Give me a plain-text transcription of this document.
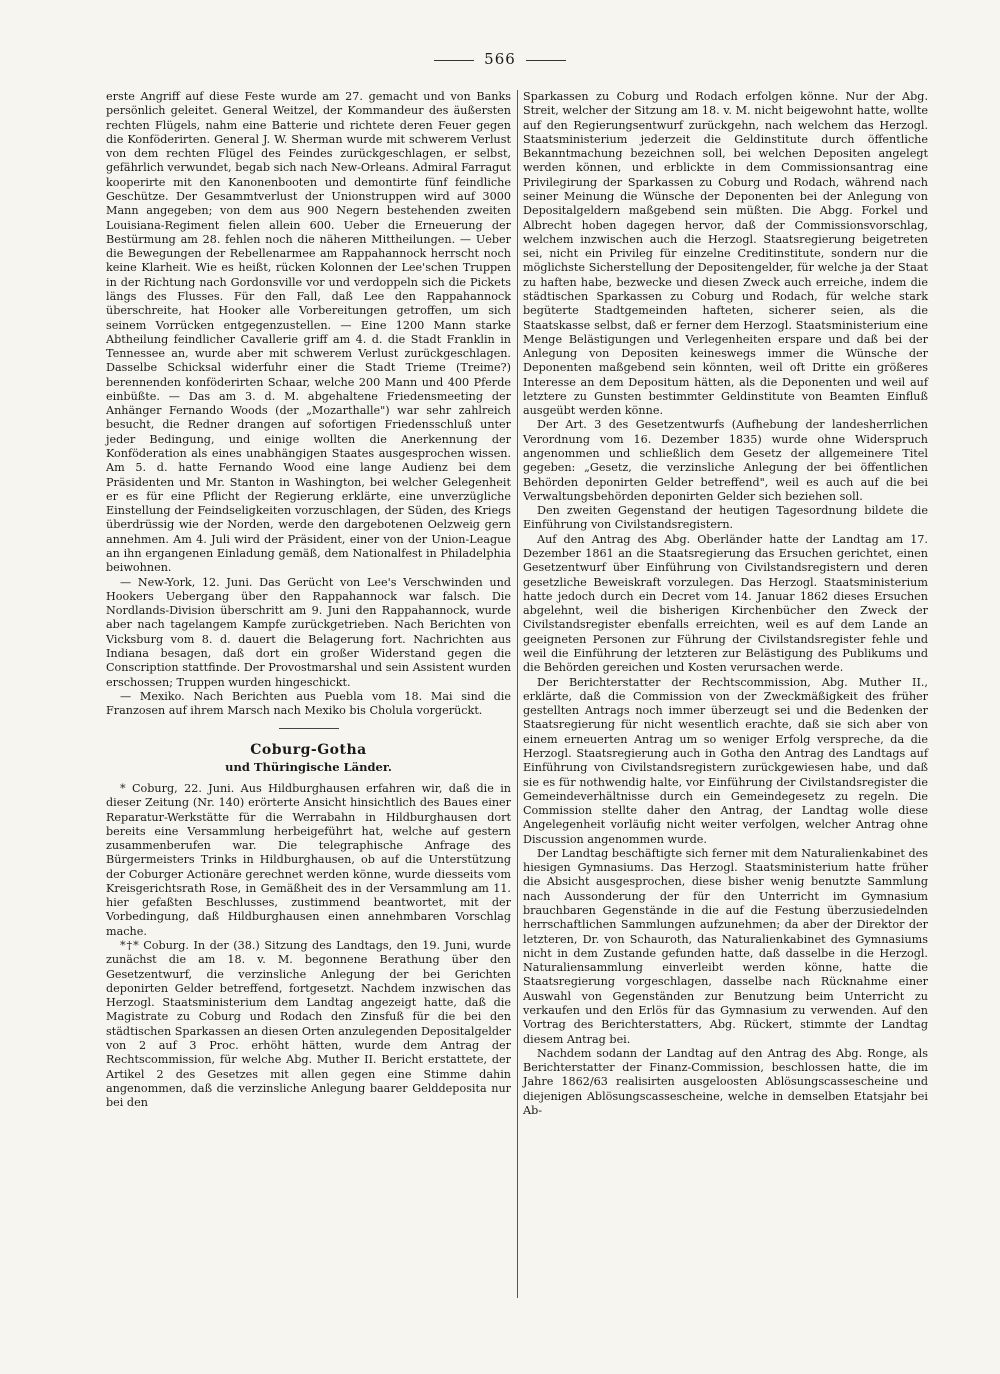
566

erste Angriff auf diese Feste wurde am 27. gemacht und von Banks persönlich geleitet. General Weitzel, der Kommandeur des äußersten rechten Flügels, nahm eine Batterie und richtete deren Feuer gegen die Konföderirten. General J. W. Sherman wurde mit schwerem Verlust von dem rechten Flügel des Feindes zurückgeschlagen, er selbst, gefährlich verwundet, begab sich nach New-Orleans. Admiral Farragut kooperirte mit den Kanonenbooten und demontirte fünf feindliche Geschütze. Der Gesammtverlust der Unionstruppen wird auf 3000 Mann angegeben; von dem aus 900 Negern bestehenden zweiten Louisiana-Regiment fielen allein 600. Ueber die Erneuerung der Bestürmung am 28. fehlen noch die näheren Mittheilungen. — Ueber die Bewegungen der Rebellenarmee am Rappahannock herrscht noch keine Klarheit. Wie es heißt, rücken Kolonnen der Lee'schen Truppen in der Richtung nach Gordonsville vor und verdoppeln sich die Pickets längs des Flusses. Für den Fall, daß Lee den Rappahannock überschreite, hat Hooker alle Vorbereitungen getroffen, um sich seinem Vorrücken entgegenzustellen. — Eine 1200 Mann starke Abtheilung feindlicher Cavallerie griff am 4. d. die Stadt Franklin in Tennessee an, wurde aber mit schwerem Verlust zurückgeschlagen. Dasselbe Schicksal widerfuhr einer die Stadt Trieme (Treime?) berennenden konföderirten Schaar, welche 200 Mann und 400 Pferde einbüßte. — Das am 3. d. M. abgehaltene Friedensmeeting der Anhänger Fernando Woods (der „Mozarthalle") war sehr zahlreich besucht, die Redner drangen auf sofortigen Friedensschluß unter jeder Bedingung, und einige wollten die Anerkennung der Konföderation als eines unabhängigen Staates ausgesprochen wissen. Am 5. d. hatte Fernando Wood eine lange Audienz bei dem Präsidenten und Mr. Stanton in Washington, bei welcher Gelegenheit er es für eine Pflicht der Regierung erklärte, eine unverzügliche Einstellung der Feindseligkeiten vorzuschlagen, der Süden, des Kriegs überdrüssig wie der Norden, werde den dargebotenen Oelzweig gern annehmen. Am 4. Juli wird der Präsident, einer von der Union-League an ihn ergangenen Einladung gemäß, dem Nationalfest in Philadelphia beiwohnen.

— New-York, 12. Juni. Das Gerücht von Lee's Verschwinden und Hookers Uebergang über den Rappahannock war falsch. Die Nordlands-Division überschritt am 9. Juni den Rappahannock, wurde aber nach tagelangem Kampfe zurückgetrieben. Nach Berichten von Vicksburg vom 8. d. dauert die Belagerung fort. Nachrichten aus Indiana besagen, daß dort ein großer Widerstand gegen die Conscription stattfinde. Der Provostmarshal und sein Assistent wurden erschossen; Truppen wurden hingeschickt.

— Mexiko. Nach Berichten aus Puebla vom 18. Mai sind die Franzosen auf ihrem Marsch nach Mexiko bis Cholula vorgerückt.

Coburg-Gotha
und Thüringische Länder.

* Coburg, 22. Juni. Aus Hildburghausen erfahren wir, daß die in dieser Zeitung (Nr. 140) erörterte Ansicht hinsichtlich des Baues einer Reparatur-Werkstätte für die Werrabahn in Hildburghausen dort bereits eine Versammlung herbeigeführt hat, welche auf gestern zusammenberufen war. Die telegraphische Anfrage des Bürgermeisters Trinks in Hildburghausen, ob auf die Unterstützung der Coburger Actionäre gerechnet werden könne, wurde diesseits vom Kreisgerichtsrath Rose, in Gemäßheit des in der Versammlung am 11. hier gefaßten Beschlusses, zustimmend beantwortet, mit der Vorbedingung, daß Hildburghausen einen annehmbaren Vorschlag mache.

*†* Coburg. In der (38.) Sitzung des Landtags, den 19. Juni, wurde zunächst die am 18. v. M. begonnene Berathung über den Gesetzentwurf, die verzinsliche Anlegung der bei Gerichten deponirten Gelder betreffend, fortgesetzt. Nachdem inzwischen das Herzogl. Staatsministerium dem Landtag angezeigt hatte, daß die Magistrate zu Coburg und Rodach den Zinsfuß für die bei den städtischen Sparkassen an diesen Orten anzulegenden Depositalgelder von 2 auf 3 Proc. erhöht hätten, wurde dem Antrag der Rechtscommission, für welche Abg. Muther II. Bericht erstattete, der Artikel 2 des Gesetzes mit allen gegen eine Stimme dahin angenommen, daß die verzinsliche Anlegung baarer Gelddeposita nur bei den

Sparkassen zu Coburg und Rodach erfolgen könne. Nur der Abg. Streit, welcher der Sitzung am 18. v. M. nicht beigewohnt hatte, wollte auf den Regierungsentwurf zurückgehn, nach welchem das Herzogl. Staatsministerium jederzeit die Geldinstitute durch öffentliche Bekanntmachung bezeichnen soll, bei welchen Depositen angelegt werden können, und erblickte in dem Commissionsantrag eine Privilegirung der Sparkassen zu Coburg und Rodach, während nach seiner Meinung die Wünsche der Deponenten bei der Anlegung von Depositalgeldern maßgebend sein müßten. Die Abgg. Forkel und Albrecht hoben dagegen hervor, daß der Commissionsvorschlag, welchem inzwischen auch die Herzogl. Staatsregierung beigetreten sei, nicht ein Privileg für einzelne Creditinstitute, sondern nur die möglichste Sicherstellung der Depositengelder, für welche ja der Staat zu haften habe, bezwecke und diesen Zweck auch erreiche, indem die städtischen Sparkassen zu Coburg und Rodach, für welche stark begüterte Stadtgemeinden hafteten, sicherer seien, als die Staatskasse selbst, daß er ferner dem Herzogl. Staatsministerium eine Menge Belästigungen und Verlegenheiten erspare und daß bei der Anlegung von Depositen keineswegs immer die Wünsche der Deponenten maßgebend sein könnten, weil oft Dritte ein größeres Interesse an dem Depositum hätten, als die Deponenten und weil auf letztere zu Gunsten bestimmter Geldinstitute von Beamten Einfluß ausgeübt werden könne.

Der Art. 3 des Gesetzentwurfs (Aufhebung der landesherrlichen Verordnung vom 16. Dezember 1835) wurde ohne Widerspruch angenommen und schließlich dem Gesetz der allgemeinere Titel gegeben: „Gesetz, die verzinsliche Anlegung der bei öffentlichen Behörden deponirten Gelder betreffend", weil es auch auf die bei Verwaltungsbehörden deponirten Gelder sich beziehen soll.

Den zweiten Gegenstand der heutigen Tagesordnung bildete die Einführung von Civilstandsregistern.

Auf den Antrag des Abg. Oberländer hatte der Landtag am 17. Dezember 1861 an die Staatsregierung das Ersuchen gerichtet, einen Gesetzentwurf über Einführung von Civilstandsregistern und deren gesetzliche Beweiskraft vorzulegen. Das Herzogl. Staatsministerium hatte jedoch durch ein Decret vom 14. Januar 1862 dieses Ersuchen abgelehnt, weil die bisherigen Kirchenbücher den Zweck der Civilstandsregister ebenfalls erreichten, weil es auf dem Lande an geeigneten Personen zur Führung der Civilstandsregister fehle und weil die Einführung der letzteren zur Belästigung des Publikums und die Behörden gereichen und Kosten verursachen werde.

Der Berichterstatter der Rechtscommission, Abg. Muther II., erklärte, daß die Commission von der Zweckmäßigkeit des früher gestellten Antrags noch immer überzeugt sei und die Bedenken der Staatsregierung für nicht wesentlich erachte, daß sie sich aber von einem erneuerten Antrag um so weniger Erfolg verspreche, da die Herzogl. Staatsregierung auch in Gotha den Antrag des Landtags auf Einführung von Civilstandsregistern zurückgewiesen habe, und daß sie es für nothwendig halte, vor Einführung der Civilstandsregister die Gemeindeverhältnisse durch ein Gemeindegesetz zu regeln. Die Commission stellte daher den Antrag, der Landtag wolle diese Angelegenheit vorläufig nicht weiter verfolgen, welcher Antrag ohne Discussion angenommen wurde.

Der Landtag beschäftigte sich ferner mit dem Naturalienkabinet des hiesigen Gymnasiums. Das Herzogl. Staatsministerium hatte früher die Absicht ausgesprochen, diese bisher wenig benutzte Sammlung nach Aussonderung der für den Unterricht im Gymnasium brauchbaren Gegenstände in die auf die Festung überzusiedelnden herrschaftlichen Sammlungen aufzunehmen; da aber der Direktor der letzteren, Dr. von Schauroth, das Naturalienkabinet des Gymnasiums nicht in dem Zustande gefunden hatte, daß dasselbe in die Herzogl. Naturaliensammlung einverleibt werden könne, hatte die Staatsregierung vorgeschlagen, dasselbe nach Rücknahme einer Auswahl von Gegenständen zur Benutzung beim Unterricht zu verkaufen und den Erlös für das Gymnasium zu verwenden. Auf den Vortrag des Berichterstatters, Abg. Rückert, stimmte der Landtag diesem Antrag bei.

Nachdem sodann der Landtag auf den Antrag des Abg. Ronge, als Berichterstatter der Finanz-Commission, beschlossen hatte, die im Jahre 1862/63 realisirten ausgeloosten Ablösungscassescheine und diejenigen Ablösungscassescheine, welche in demselben Etatsjahr bei Ab-
